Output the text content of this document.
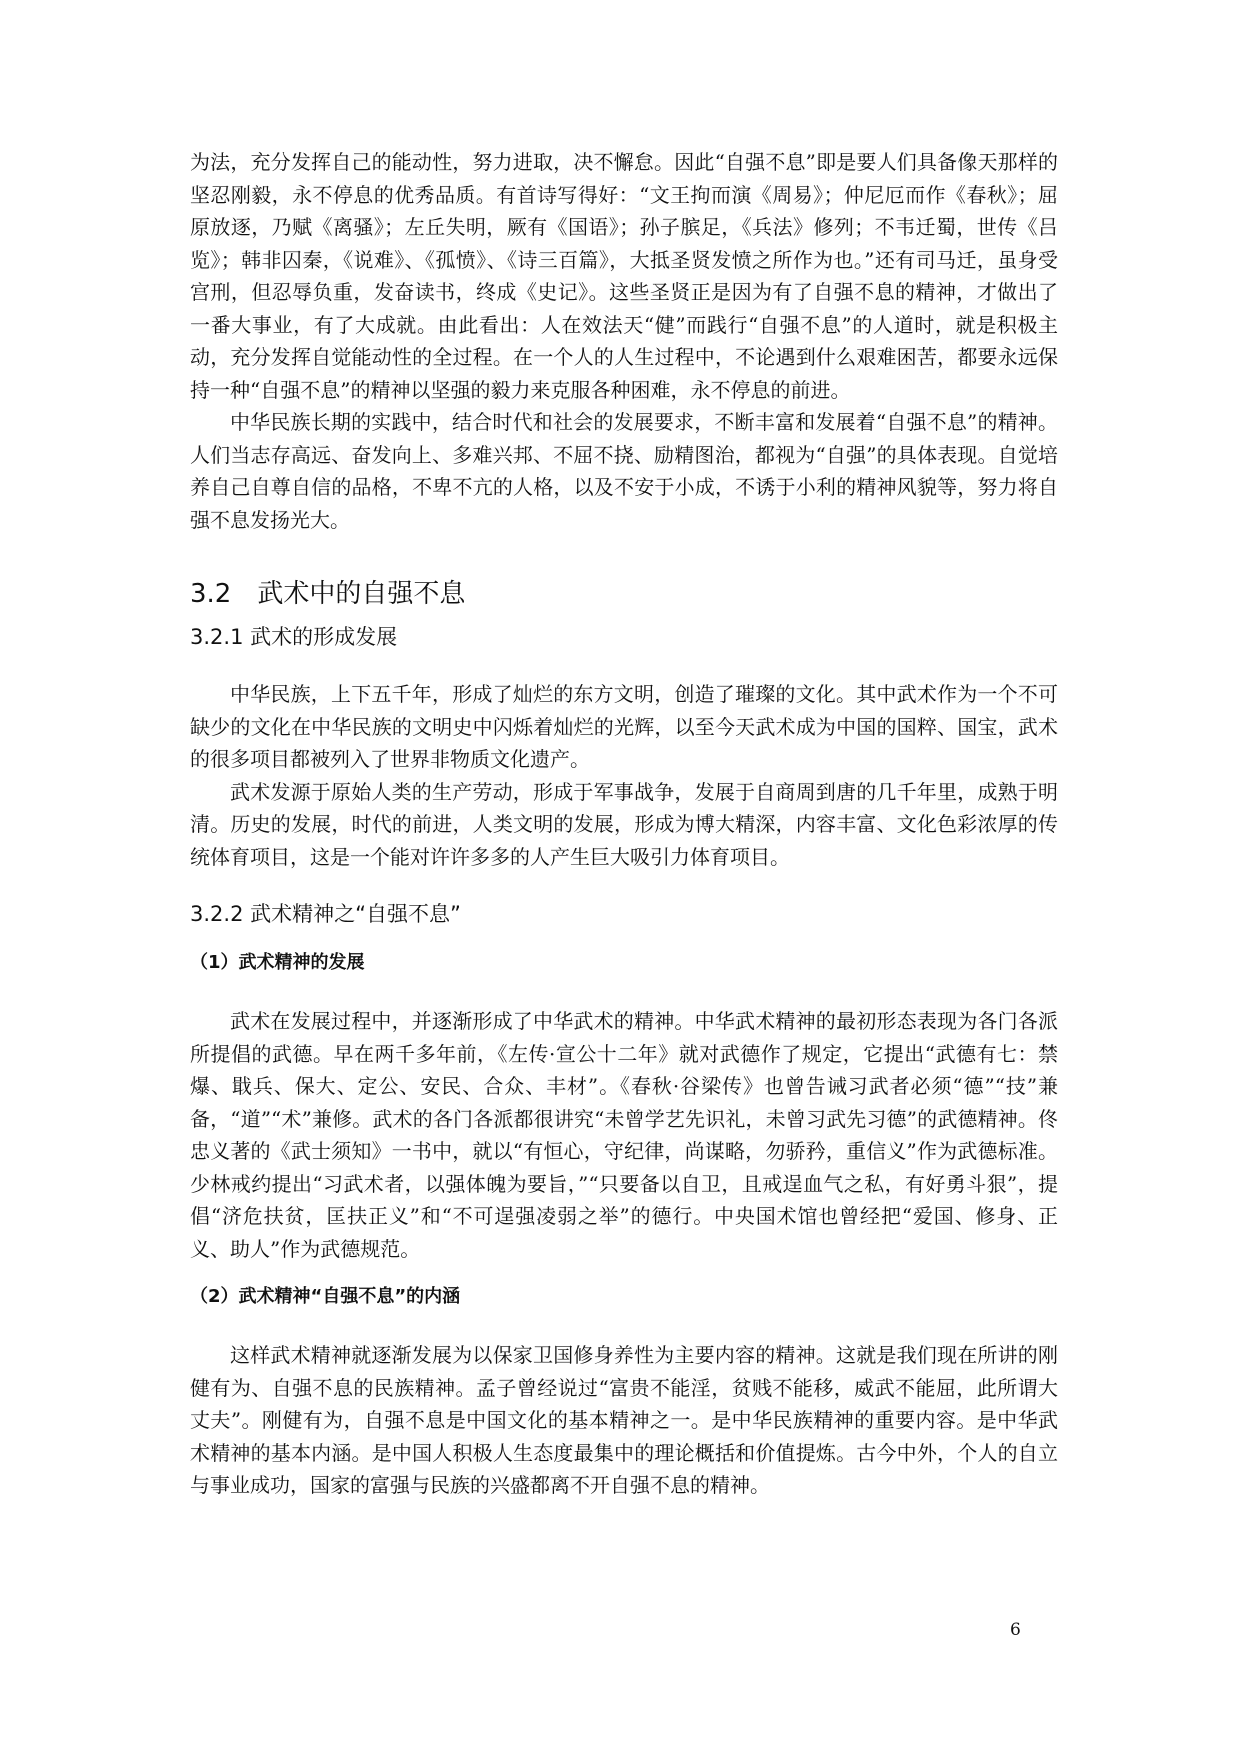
为法，充分发挥自己的能动性，努力进取，决不懈怠。因此“自强不息”即是要人们具备像天那样的坚忍刚毅，永不停息的优秀品质。有首诗写得好：“文王拘而演《周易》；仲尼厄而作《春秋》；屈原放逐，乃赋《离骚》；左丘失明，厥有《国语》；孙子膑足，《兵法》修列；不韦迁蜀，世传《吕览》；韩非囚秦，《说难》、《孤愤》、《诗三百篇》，大抵圣贤发愤之所作为也。”还有司马迁，虽身受宫刑，但忍辱负重，发奋读书，终成《史记》。这些圣贤正是因为有了自强不息的精神，才做出了一番大事业，有了大成就。由此看出：人在效法天“健”而践行“自强不息”的人道时，就是积极主动，充分发挥自觉能动性的全过程。在一个人的人生过程中，不论遇到什么艰难困苦，都要永远保持一种“自强不息”的精神以坚强的毅力来克服各种困难，永不停息的前进。

中华民族长期的实践中，结合时代和社会的发展要求，不断丰富和发展着“自强不息”的精神。人们当志存高远、奋发向上、多难兴邦、不屈不挠、励精图治，都视为“自强”的具体表现。自觉培养自己自尊自信的品格，不卑不亢的人格，以及不安于小成，不诱于小利的精神风貌等，努力将自强不息发扬光大。

3.2　武术中的自强不息
3.2.1 武术的形成发展

中华民族，上下五千年，形成了灿烂的东方文明，创造了璀璨的文化。其中武术作为一个不可缺少的文化在中华民族的文明史中闪烁着灿烂的光辉，以至今天武术成为中国的国粹、国宝，武术的很多项目都被列入了世界非物质文化遗产。

武术发源于原始人类的生产劳动，形成于军事战争，发展于自商周到唐的几千年里，成熟于明清。历史的发展，时代的前进，人类文明的发展，形成为博大精深，内容丰富、文化色彩浓厚的传统体育项目，这是一个能对许许多多的人产生巨大吸引力体育项目。

3.2.2 武术精神之“自强不息”
（1）武术精神的发展

武术在发展过程中，并逐渐形成了中华武术的精神。中华武术精神的最初形态表现为各门各派所提倡的武德。早在两千多年前，《左传·宣公十二年》就对武德作了规定，它提出“武德有七：禁爆、戢兵、保大、定公、安民、合众、丰材”。《春秋·谷梁传》也曾告诫习武者必须“德”“技”兼备，“道”“术”兼修。武术的各门各派都很讲究“未曾学艺先识礼，未曾习武先习德”的武德精神。佟忠义著的《武士须知》一书中，就以“有恒心，守纪律，尚谋略，勿骄矜，重信义”作为武德标准。少林戒约提出“习武术者，以强体魄为要旨，”“只要备以自卫，且戒逞血气之私，有好勇斗狠”，提倡“济危扶贫，匡扶正义”和“不可逞强凌弱之举”的德行。中央国术馆也曾经把“爱国、修身、正义、助人”作为武德规范。

（2）武术精神“自强不息”的内涵

这样武术精神就逐渐发展为以保家卫国修身养性为主要内容的精神。这就是我们现在所讲的刚健有为、自强不息的民族精神。孟子曾经说过“富贵不能淫，贫贱不能移，威武不能屈，此所谓大丈夫”。刚健有为，自强不息是中国文化的基本精神之一。是中华民族精神的重要内容。是中华武术精神的基本内涵。是中国人积极人生态度最集中的理论概括和价值提炼。古今中外，个人的自立与事业成功，国家的富强与民族的兴盛都离不开自强不息的精神。

6
